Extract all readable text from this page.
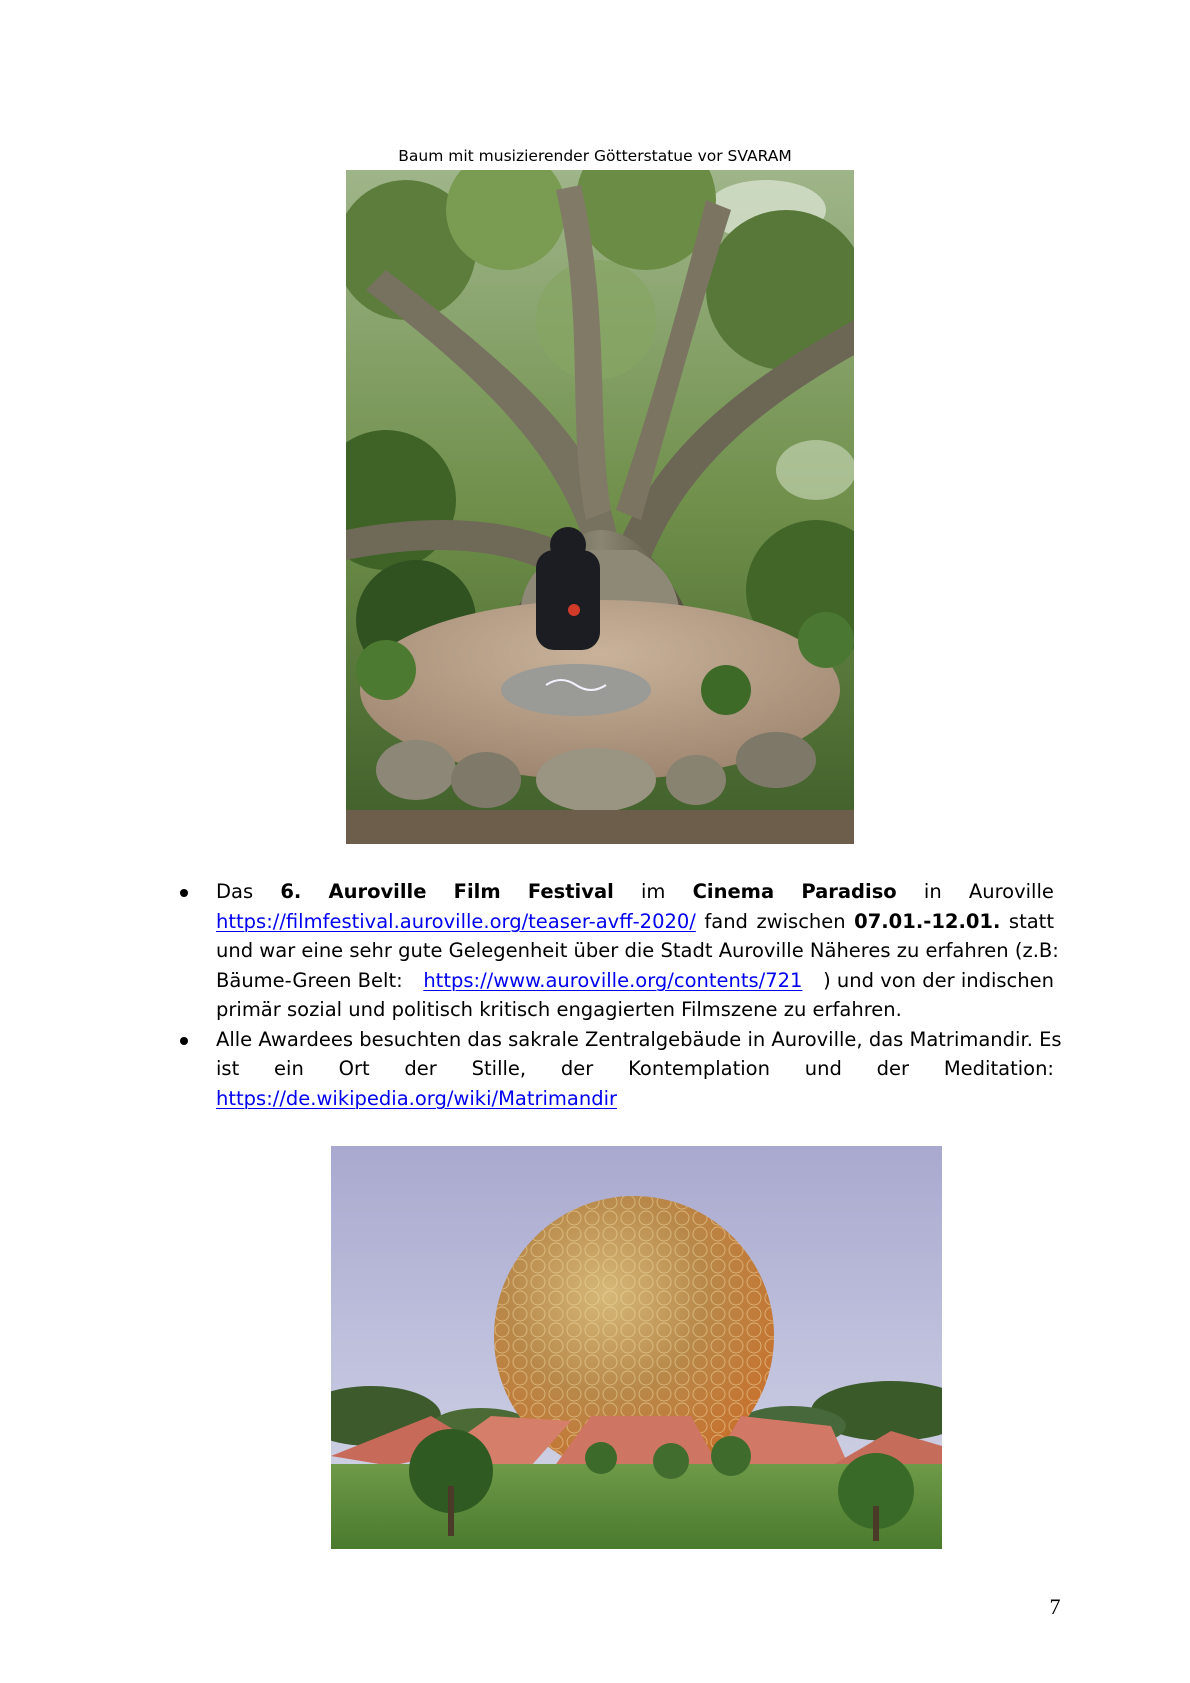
Baum mit musizierender Götterstatue vor SVARAM
Das 6. Auroville Film Festival im Cinema Paradiso in Auroville
https://filmfestival.auroville.org/teaser-avff-2020/ fand zwischen 07.01.-12.01. statt
und war eine sehr gute Gelegenheit über die Stadt Auroville Näheres zu erfahren (z.B:
Bäume-Green Belt: https://www.auroville.org/contents/721 ) und von der indischen
primär sozial und politisch kritisch engagierten Filmszene zu erfahren.
Alle Awardees besuchten das sakrale Zentralgebäude in Auroville, das Matrimandir. Es
ist ein Ort der Stille, der Kontemplation und der Meditation:
https://de.wikipedia.org/wiki/Matrimandir
7
